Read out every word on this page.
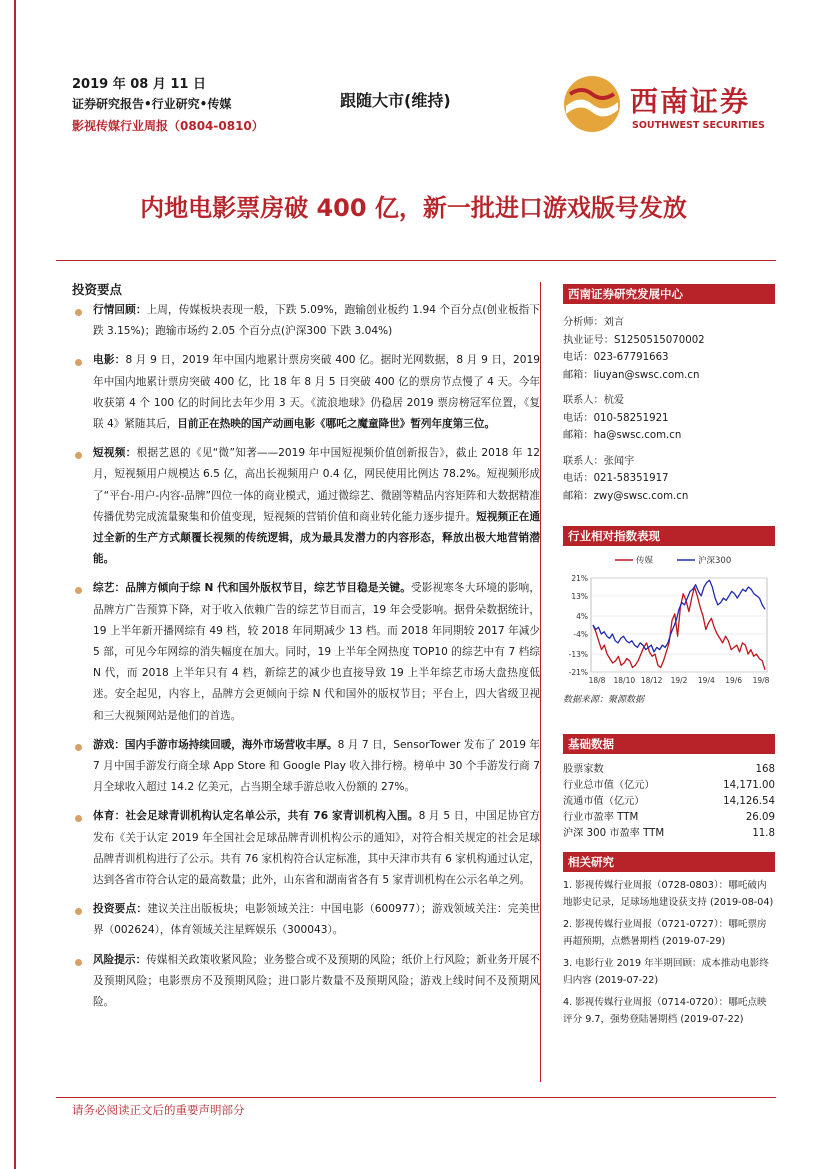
2019 年 08 月 11 日
证券研究报告•行业研究•传媒
影视传媒行业周报（0804-0810）
跟随大市(维持)	西南证券
SOUTHWEST SECURITIES
内地电影票房破 400 亿，新一批进口游戏版号发放
投资要点
行情回顾：上周，传媒板块表现一般，下跌 5.09%，跑输创业板约 1.94 个百分点(创业板指下跌 3.15%)；跑输市场约 2.05 个百分点(沪深300 下跌 3.04%)
电影：8 月 9 日，2019 年中国内地累计票房突破 400 亿。据时光网数据，8 月 9 日，2019 年中国内地累计票房突破 400 亿，比 18 年 8 月 5 日突破 400 亿的票房节点慢了 4 天。今年收获第 4 个 100 亿的时间比去年少用 3 天。《流浪地球》仍稳居 2019 票房榜冠军位置，《复联 4》紧随其后，目前正在热映的国产动画电影《哪吒之魔童降世》暂列年度第三位。
短视频：根据艺恩的《见“微”知著——2019 年中国短视频价值创新报告》，截止 2018 年 12 月，短视频用户规模达 6.5 亿，高出长视频用户 0.4 亿，网民使用比例达 78.2%。短视频形成了“平台-用户-内容-品牌”四位一体的商业模式，通过微综艺、微剧等精品内容矩阵和大数据精准传播优势完成流量聚集和价值变现，短视频的营销价值和商业转化能力逐步提升。短视频正在通过全新的生产方式颠覆长视频的传统逻辑，成为最具发潜力的内容形态，释放出极大地营销潜能。
综艺：品牌方倾向于综 N 代和国外版权节目，综艺节目稳是关键。受影视寒冬大环境的影响，品牌方广告预算下降，对于收入依赖广告的综艺节目而言，19 年会受影响。据骨朵数据统计，19 上半年新开播网综有 49 档，较 2018 年同期减少 13 档。而 2018 年同期较 2017 年减少 5 部，可见今年网综的消失幅度在加大。同时，19 上半年全网热度 TOP10 的综艺中有 7 档综 N 代，而 2018 上半年只有 4 档，新综艺的减少也直接导致 19 上半年综艺市场大盘热度低迷。安全起见，内容上，品牌方会更倾向于综 N 代和国外的版权节目；平台上，四大省级卫视和三大视频网站是他们的首选。
游戏：国内手游市场持续回暖，海外市场营收丰厚。8 月 7 日，SensorTower 发布了 2019 年 7 月中国手游发行商全球 App Store 和 Google Play 收入排行榜。榜单中 30 个手游发行商 7 月全球收入超过 14.2 亿美元，占当期全球手游总收入份额的 27%。
体育：社会足球青训机构认定名单公示，共有 76 家青训机构入围。8 月 5 日，中国足协官方发布《关于认定 2019 年全国社会足球品牌青训机构公示的通知》，对符合相关规定的社会足球品牌青训机构进行了公示。共有 76 家机构符合认定标准，其中天津市共有 6 家机构通过认定，达到各省市符合认定的最高数量；此外，山东省和湖南省各有 5 家青训机构在公示名单之列。
投资要点：建议关注出版板块；电影领域关注：中国电影（600977）；游戏领域关注：完美世界（002624），体育领域关注星辉娱乐（300043）。
风险提示：传媒相关政策收紧风险；业务整合或不及预期的风险；纸价上行风险；新业务开展不及预期风险；电影票房不及预期风险；进口影片数量不及预期风险；游戏上线时间不及预期风险。
西南证券研究发展中心
分析师：刘言
执业证号：S1250515070002
电话：023-67791663
邮箱：liuyan@swsc.com.cn
联系人：杭爱
电话：010-58251921
邮箱：ha@swsc.com.cn
联系人：张闻宇
电话：021-58351917
邮箱：zwy@swsc.com.cn
行业相对指数表现
21%
13%
4%
-4%
-13%
-21%
18/8 18/10 18/12 19/2 19/4 19/6 19/8
传媒	沪深300
数据来源：聚源数据
基础数据
股票家数	168
行业总市值（亿元）	14,171.00
流通市值（亿元）	14,126.54
行业市盈率 TTM	26.09
沪深 300 市盈率 TTM	11.8
相关研究
1. 影视传媒行业周报（0728-0803）：哪吒破内地影史记录，足球场地建设获支持 (2019-08-04)
2. 影视传媒行业周报（0721-0727）：哪吒票房再超预期，点燃暑期档 (2019-07-29)
3. 电影行业 2019 年半期回顾：成本推动电影终归内容 (2019-07-22)
4. 影视传媒行业周报（0714-0720）：哪吒点映评分 9.7，强势登陆暑期档 (2019-07-22)
请务必阅读正文后的重要声明部分
